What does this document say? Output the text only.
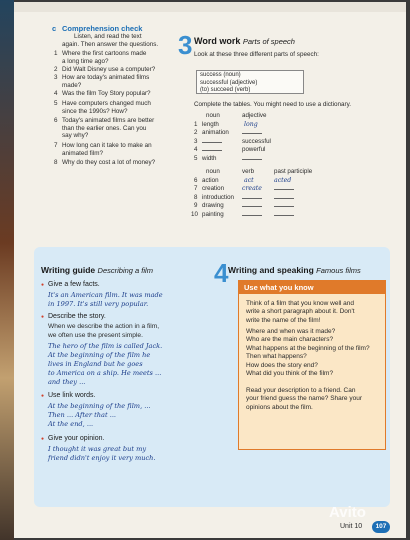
c Comprehension check
Listen, and read the text
again. Then answer the questions.
1 Where the first cartoons made
a long time ago?
2 Did Walt Disney use a computer?
3 How are today's animated films
made?
4 Was the film Toy Story popular?
5 Have computers changed much
since the 1990s? How?
6 Today's animated films are better
than the earlier ones. Can you
say why?
7 How long can it take to make an
animated film?
8 Why do they cost a lot of money?
3 Word work Parts of speech
Look at these three different parts of speech:
success (noun)
successful (adjective)
(to) succeed (verb)
Complete the tables. You might need to use a dictionary.
noun	adjective
1 length	long
2 animation
3	successful
4	powerful
5 width
noun	verb	past participle
6 action	act	acted
7 creation	create
8 introduction
9 drawing
10 painting
Writing guide Describing a film
● Give a few facts.
It's an American film. It was made
in 1997. It's still very popular.
● Describe the story.
When we describe the action in a film,
we often use the present simple.
The hero of the film is called Jack.
At the beginning of the film he
lives in England but he goes
to America on a ship. He meets ...
and they ...
● Use link words.
At the beginning of the film, ...
Then ... After that ...
At the end, ...
● Give your opinion.
I thought it was great but my
friend didn't enjoy it very much.
4 Writing and speaking Famous films
Use what you know
Think of a film that you know well and
write a short paragraph about it. Don't
write the name of the film!
Where and when was it made?
Who are the main characters?
What happens at the beginning of the film?
Then what happens?
How does the story end?
What did you think of the film?
Read your description to a friend. Can
your friend guess the name? Share your
opinions about the film.
Unit 10	107
Avito
